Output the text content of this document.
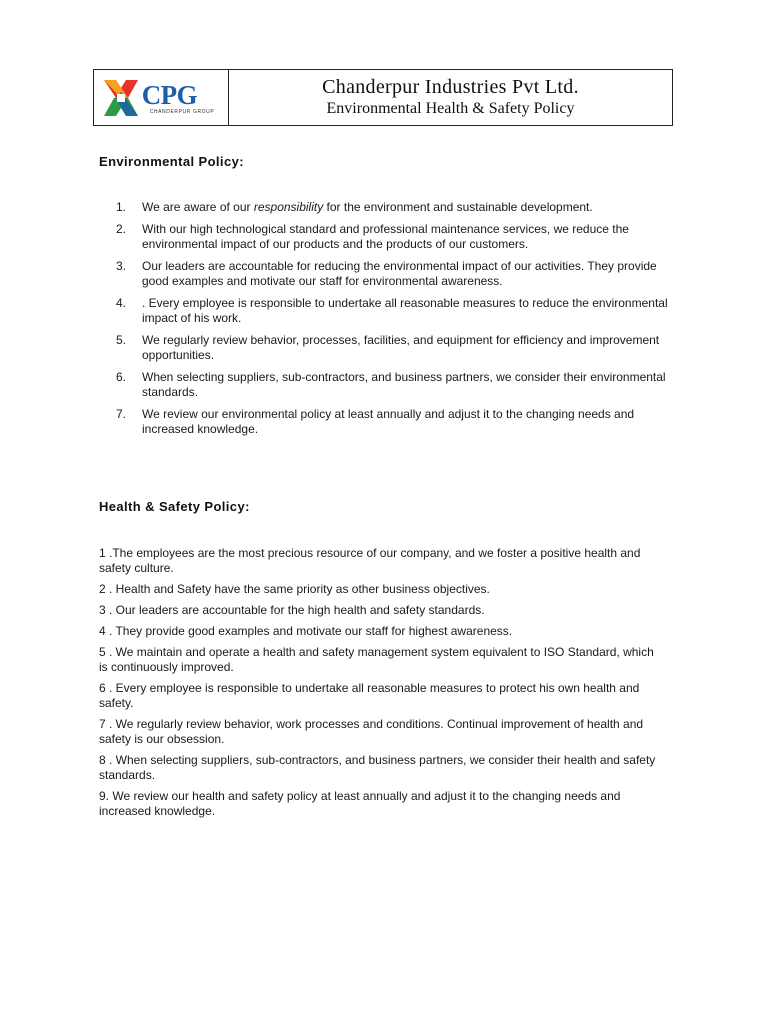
CPG
CHANDERPUR GROUP
Chanderpur Industries Pvt Ltd.
Environmental Health & Safety Policy
Environmental Policy:
1.	We are aware of our responsibility for the environment and sustainable development.
2.	With our high technological standard and professional maintenance services, we reduce the environmental impact of our products and the products of our customers.
3.	Our leaders are accountable for reducing the environmental impact of our activities. They provide good examples and motivate our staff for environmental awareness.
4.	. Every employee is responsible to undertake all reasonable measures to reduce the environmental impact of his work.
5.	We regularly review behavior, processes, facilities, and equipment for efficiency and improvement opportunities.
6.	When selecting suppliers, sub-contractors, and business partners, we consider their environmental standards.
7.	We review our environmental policy at least annually and adjust it to the changing needs and increased knowledge.
Health & Safety Policy:
1 .The employees are the most precious resource of our company, and we foster a positive health and safety culture.
2 . Health and Safety have the same priority as other business objectives.
3 . Our leaders are accountable for the high health and safety standards.
4 . They provide good examples and motivate our staff for highest awareness.
5 . We maintain and operate a health and safety management system equivalent to ISO Standard, which is continuously improved.
6 . Every employee is responsible to undertake all reasonable measures to protect his own health and safety.
7 . We regularly review behavior, work processes and conditions. Continual improvement of health and safety is our obsession.
8 . When selecting suppliers, sub-contractors, and business partners, we consider their health and safety standards.
9. We review our health and safety policy at least annually and adjust it to the changing needs and increased knowledge.
